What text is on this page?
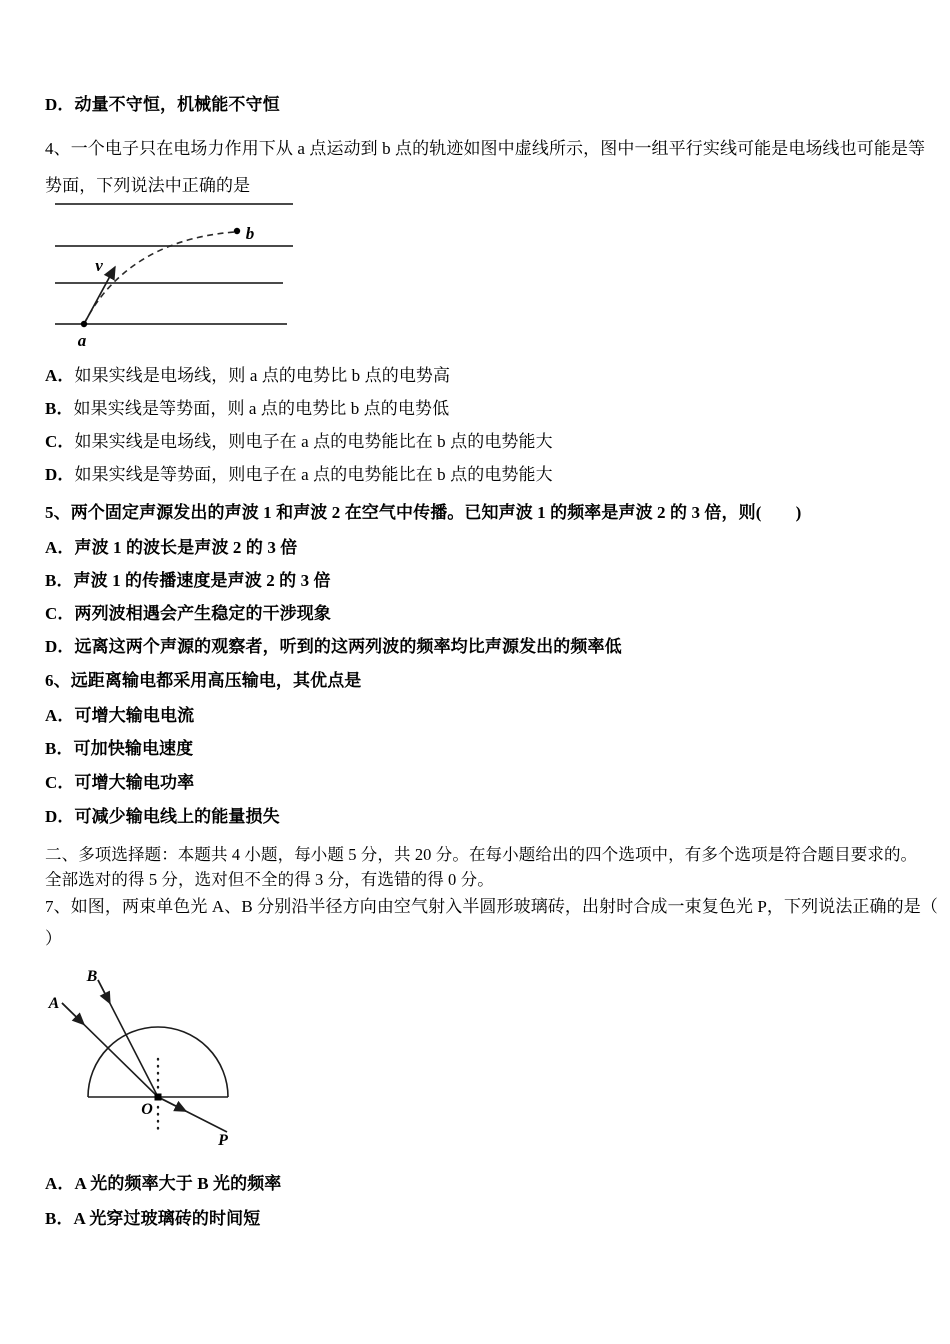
D．动量不守恒，机械能不守恒
4、一个电子只在电场力作用下从 a 点运动到 b 点的轨迹如图中虚线所示，图中一组平行实线可能是电场线也可能是等
势面，下列说法中正确的是
v
a
b
A．如果实线是电场线，则 a 点的电势比 b 点的电势高
B．如果实线是等势面，则 a 点的电势比 b 点的电势低
C．如果实线是电场线，则电子在 a 点的电势能比在 b 点的电势能大
D．如果实线是等势面，则电子在 a 点的电势能比在 b 点的电势能大
5、两个固定声源发出的声波 1 和声波 2 在空气中传播。已知声波 1 的频率是声波 2 的 3 倍，则(　　)
A．声波 1 的波长是声波 2 的 3 倍
B．声波 1 的传播速度是声波 2 的 3 倍
C．两列波相遇会产生稳定的干涉现象
D．远离这两个声源的观察者，听到的这两列波的频率均比声源发出的频率低
6、远距离输电都采用高压输电，其优点是
A．可增大输电电流
B．可加快输电速度
C．可增大输电功率
D．可减少输电线上的能量损失
二、多项选择题：本题共 4 小题，每小题 5 分，共 20 分。在每小题给出的四个选项中，有多个选项是符合题目要求的。
全部选对的得 5 分，选对但不全的得 3 分，有选错的得 0 分。
7、如图，两束单色光 A、B 分别沿半径方向由空气射入半圆形玻璃砖，出射时合成一束复色光 P，下列说法正确的是（
）
A
B
O
P
A．A 光的频率大于 B 光的频率
B．A 光穿过玻璃砖的时间短
